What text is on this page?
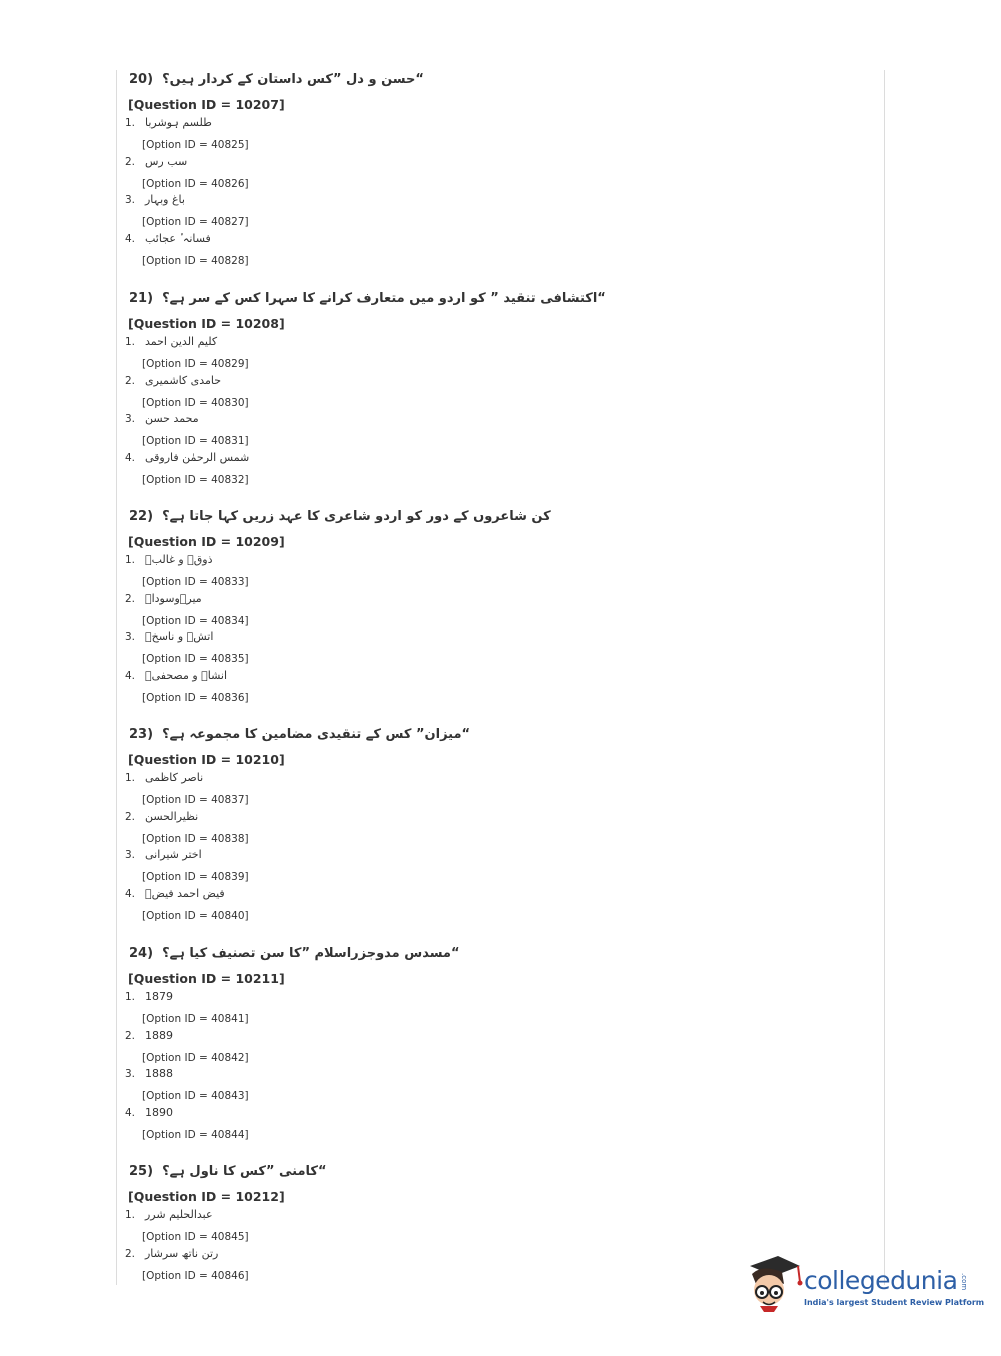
20) “حسن و دل ”کس داستان کے کردار ہیں؟
[Question ID = 10207]
1. طلسم ہوشربا
[Option ID = 40825]
2. سب رس
[Option ID = 40826]
3. باغ وبہار
[Option ID = 40827]
4. فسانہ ٔ عجائب
[Option ID = 40828]
21) “اکتشافی تنقید ” کو اردو میں متعارف کرانے کا سہرا کس کے سر ہے؟
[Question ID = 10208]
1. کلیم الدین احمد
[Option ID = 40829]
2. حامدی کاشمیری
[Option ID = 40830]
3. محمد حسن
[Option ID = 40831]
4. شمس الرحمٰن فاروقی
[Option ID = 40832]
22) کن شاعروں کے دور کو اردو شاعری کا عہد زریں کہا جاتا ہے؟
[Question ID = 10209]
1. ذوقؔ و غالبؔ
[Option ID = 40833]
2. میرؔوسوداؔ
[Option ID = 40834]
3. اتشؔ و ناسخؔ
[Option ID = 40835]
4. انشاؔ و مصحفیؔ
[Option ID = 40836]
23) “میزان” کس کے تنقیدی مضامین کا مجموعہ ہے؟
[Question ID = 10210]
1. ناصر کاظمی
[Option ID = 40837]
2. نظیرالحسن
[Option ID = 40838]
3. اختر شیرانی
[Option ID = 40839]
4. فیض احمد فیضؔ
[Option ID = 40840]
24) “مسدس مدوجزراسلام ”کا سن تصنیف کیا ہے؟
[Question ID = 10211]
1. 1879
[Option ID = 40841]
2. 1889
[Option ID = 40842]
3. 1888
[Option ID = 40843]
4. 1890
[Option ID = 40844]
25) “کامنی ”کس کا ناول ہے؟
[Question ID = 10212]
1. عبدالحلیم شرر
[Option ID = 40845]
2. رتن ناتھ سرشار
[Option ID = 40846]	collegedunia .com
India's largest Student Review Platform
